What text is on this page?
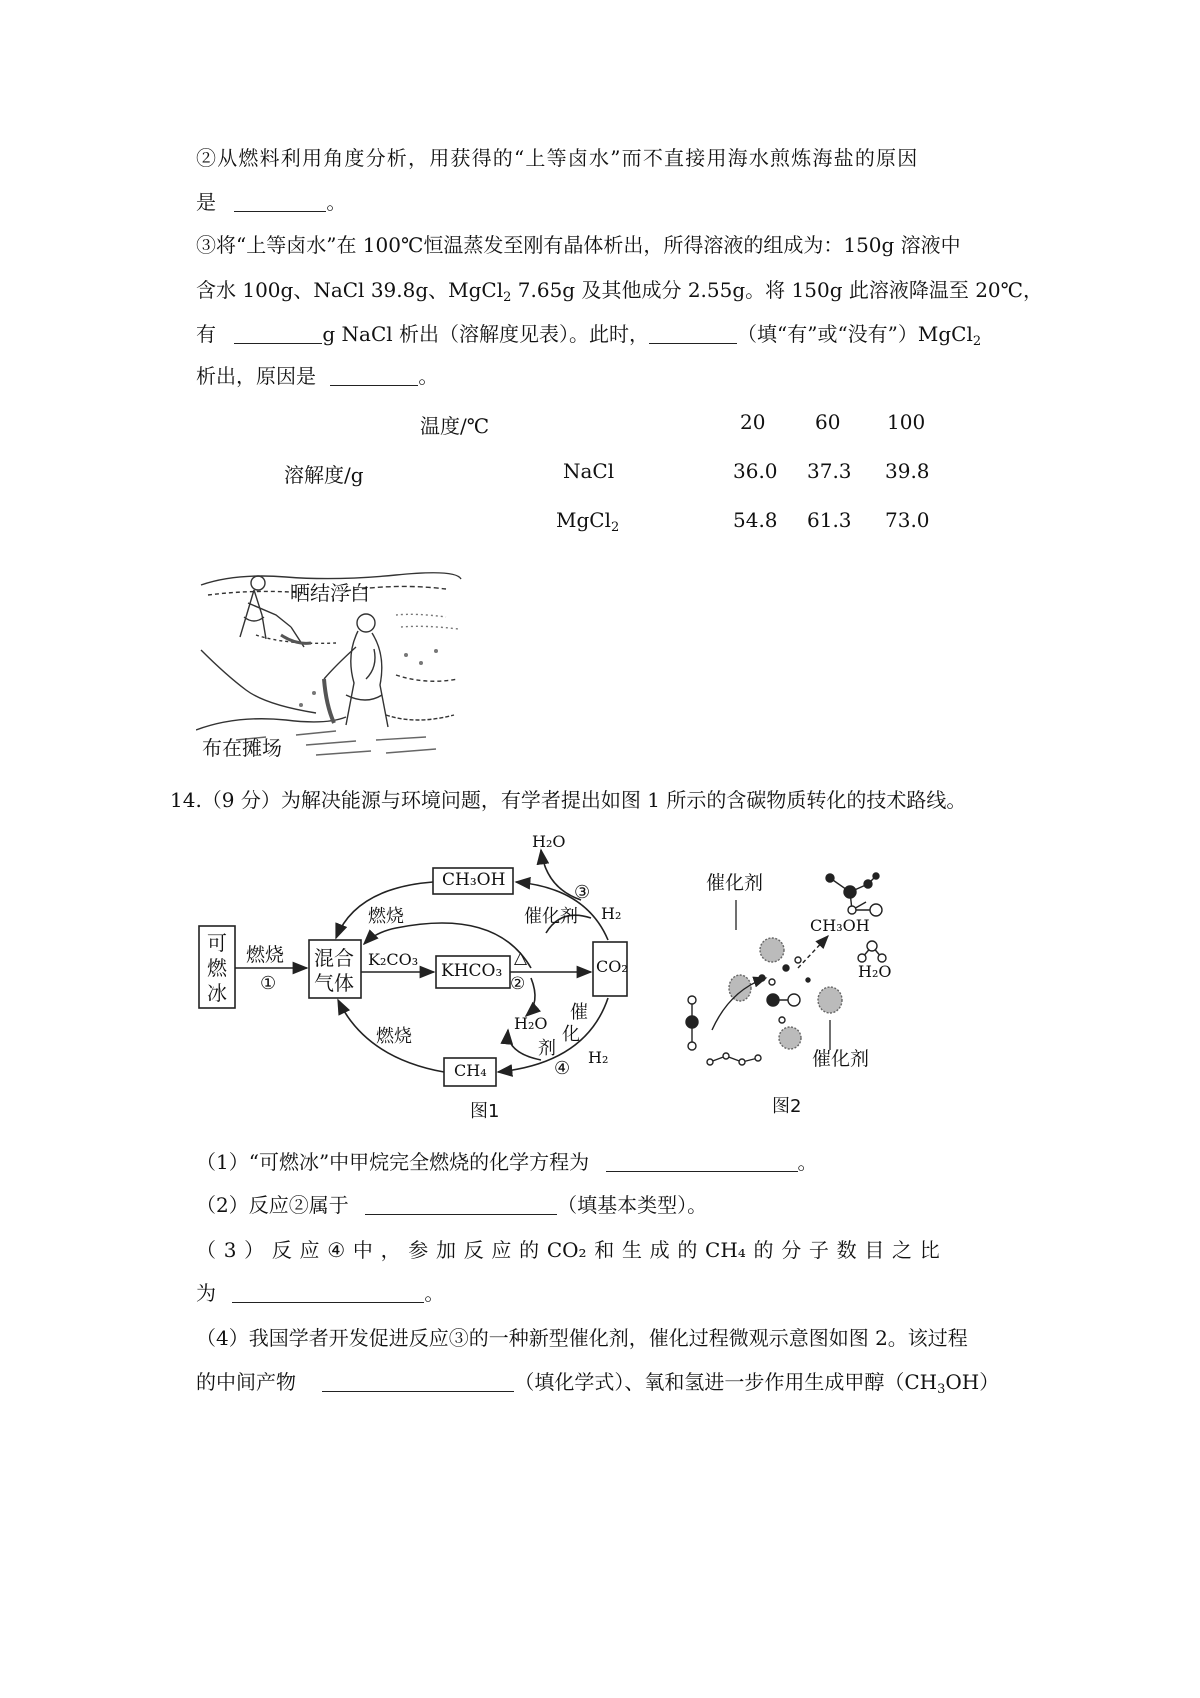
②从燃料利用角度分析，用获得的“上等卤水”而不直接用海水煎炼海盐的原因
是	。
③将“上等卤水”在 100℃恒温蒸发至刚有晶体析出，所得溶液的组成为：150g 溶液中
含水 100g、NaCl 39.8g、MgCl$_2$ 7.65g 及其他成分 2.55g。将 150g 此溶液降温至 20℃，
有	g NaCl 析出（溶解度见表）。此时，	（填“有”或“没有”）MgCl$_2$
析出，原因是	。
温度/℃	20 60 100
溶解度/g	NaCl	36.0 37.3 39.8
MgCl$_2$	54.8 61.3 73.0
晒结浮白
布在摊场
14.（9 分）为解决能源与环境问题，有学者提出如图 1 所示的含碳物质转化的技术路线。
可
燃
冰
混合
气体
CH₃OH
KHCO₃	CO₂
CH₄
燃烧
①
燃烧
燃烧
K₂CO₃	△
②
H₂O
③
催化剂 H₂
H₂O
催
化
剂 H₂
④
图1
催化剂
CH₃OH
H₂O
催化剂
图2
（1）“可燃冰”中甲烷完全燃烧的化学方程为	。
（2）反应②属于	（填基本类型）。
（ 3 ） 反 应 ④ 中 ， 参 加 反 应 的 CO₂ 和 生 成 的 CH₄ 的 分 子 数 目 之 比
为	。
（4）我国学者开发促进反应③的一种新型催化剂，催化过程微观示意图如图 2。该过程
的中间产物	（填化学式）、氧和氢进一步作用生成甲醇$(CH_3OH)$
